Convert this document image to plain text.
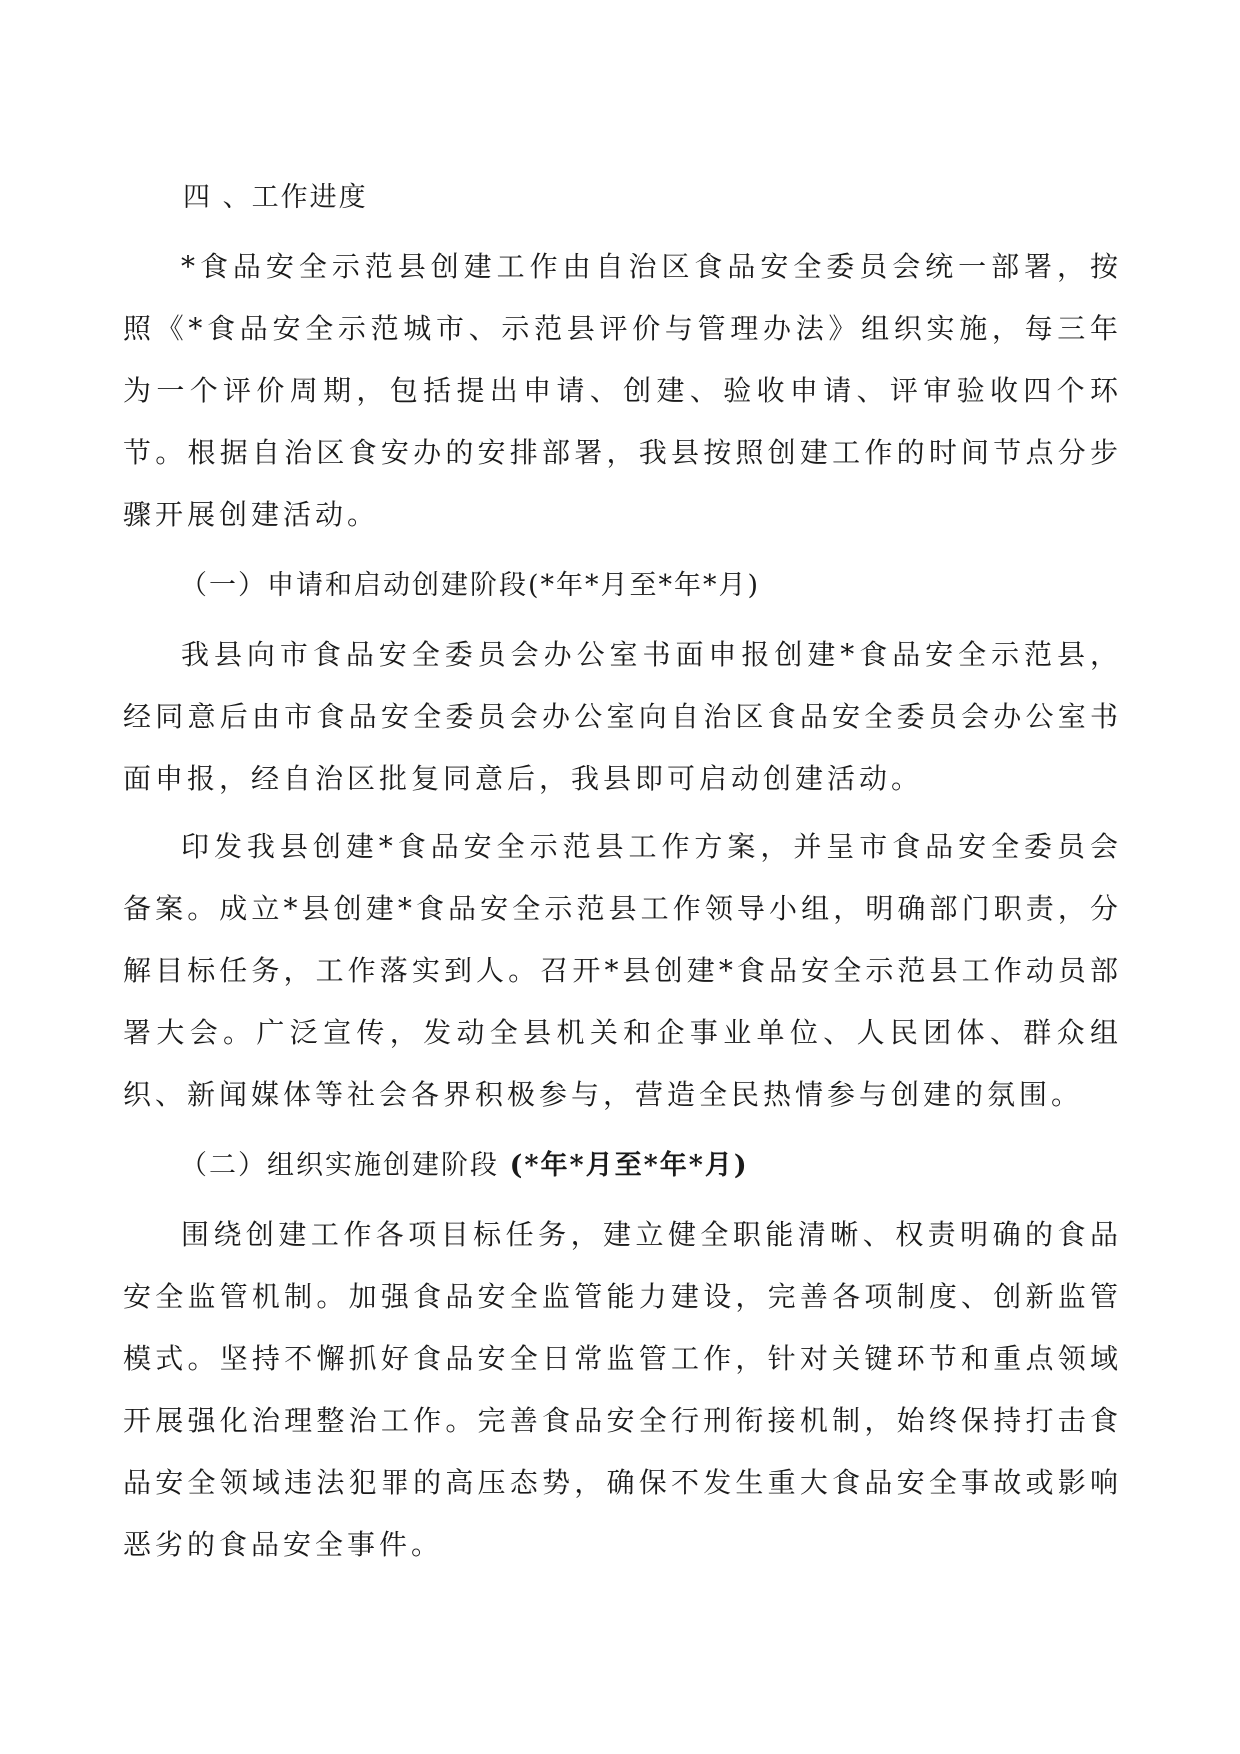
四 、工作进度

*食品安全示范县创建工作由自治区食品安全委员会统一部署，按照《*食品安全示范城市、示范县评价与管理办法》组织实施，每三年为一个评价周期，包括提出申请、创建、验收申请、评审验收四个环节。根据自治区食安办的安排部署，我县按照创建工作的时间节点分步骤开展创建活动。

（一）申请和启动创建阶段(*年*月至*年*月)

我县向市食品安全委员会办公室书面申报创建*食品安全示范县，经同意后由市食品安全委员会办公室向自治区食品安全委员会办公室书面申报，经自治区批复同意后，我县即可启动创建活动。

印发我县创建*食品安全示范县工作方案，并呈市食品安全委员会备案。成立*县创建*食品安全示范县工作领导小组，明确部门职责，分解目标任务，工作落实到人。召开*县创建*食品安全示范县工作动员部署大会。广泛宣传，发动全县机关和企事业单位、人民团体、群众组织、新闻媒体等社会各界积极参与，营造全民热情参与创建的氛围。

（二）组织实施创建阶段 (*年*月至*年*月)

围绕创建工作各项目标任务，建立健全职能清晰、权责明确的食品安全监管机制。加强食品安全监管能力建设，完善各项制度、创新监管模式。坚持不懈抓好食品安全日常监管工作，针对关键环节和重点领域开展强化治理整治工作。完善食品安全行刑衔接机制，始终保持打击食品安全领域违法犯罪的高压态势，确保不发生重大食品安全事故或影响恶劣的食品安全事件。
